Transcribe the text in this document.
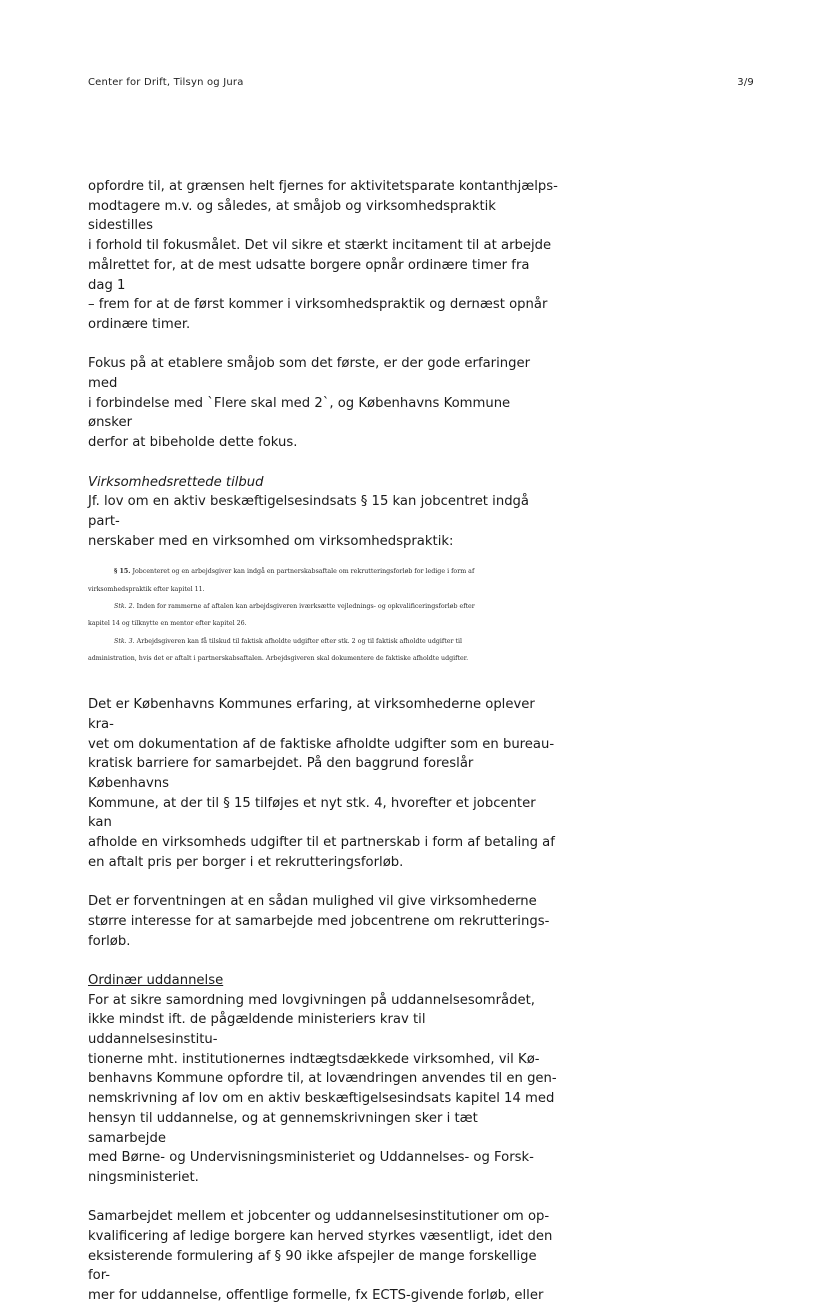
Center for Drift, Tilsyn og Jura	3/9

opfordre til, at grænsen helt fjernes for aktivitetsparate kontanthjælps-

modtagere m.v. og således, at småjob og virksomhedspraktik sidestilles

i forhold til fokusmålet. Det vil sikre et stærkt incitament til at arbejde

målrettet for, at de mest udsatte borgere opnår ordinære timer fra dag 1

– frem for at de først kommer i virksomhedspraktik og dernæst opnår

ordinære timer.

Fokus på at etablere småjob som det første, er der gode erfaringer med

i forbindelse med `Flere skal med 2`, og Københavns Kommune ønsker

derfor at bibeholde dette fokus.

Virksomhedsrettede tilbud

Jf. lov om en aktiv beskæftigelsesindsats § 15 kan jobcentret indgå part-

nerskaber med en virksomhed om virksomhedspraktik:

§ 15. Jobcenteret og en arbejdsgiver kan indgå en partnerskabsaftale om rekrutteringsforløb for ledige i form af
virksomhedspraktik efter kapitel 11.
Stk. 2. Inden for rammerne af aftalen kan arbejdsgiveren iværksætte vejlednings- og opkvalificeringsforløb efter
kapitel 14 og tilknytte en mentor efter kapitel 26.
Stk. 3. Arbejdsgiveren kan få tilskud til faktisk afholdte udgifter efter stk. 2 og til faktisk afholdte udgifter til
administration, hvis det er aftalt i partnerskabsaftalen. Arbejdsgiveren skal dokumentere de faktiske afholdte udgifter.

Det er Københavns Kommunes erfaring, at virksomhederne oplever kra-

vet om dokumentation af de faktiske afholdte udgifter som en bureau-

kratisk barriere for samarbejdet. På den baggrund foreslår Københavns

Kommune, at der til § 15 tilføjes et nyt stk. 4, hvorefter et jobcenter kan

afholde en virksomheds udgifter til et partnerskab i form af betaling af

en aftalt pris per borger i et rekrutteringsforløb.

Det er forventningen at en sådan mulighed vil give virksomhederne

større interesse for at samarbejde med jobcentrene om rekrutterings-

forløb.

Ordinær uddannelse

For at sikre samordning med lovgivningen på uddannelsesområdet,

ikke mindst ift. de pågældende ministeriers krav til uddannelsesinstitu-

tionerne mht. institutionernes indtægtsdækkede virksomhed, vil Kø-

benhavns Kommune opfordre til, at lovændringen anvendes til en gen-

nemskrivning af lov om en aktiv beskæftigelsesindsats kapitel 14 med

hensyn til uddannelse, og at gennemskrivningen sker i tæt samarbejde

med Børne- og Undervisningsministeriet og Uddannelses- og Forsk-

ningsministeriet.

Samarbejdet mellem et jobcenter og uddannelsesinstitutioner om op-

kvalificering af ledige borgere kan herved styrkes væsentligt, idet den

eksisterende formulering af § 90 ikke afspejler de mange forskellige for-

mer for uddannelse, offentlige formelle, fx ECTS-givende forløb, eller
